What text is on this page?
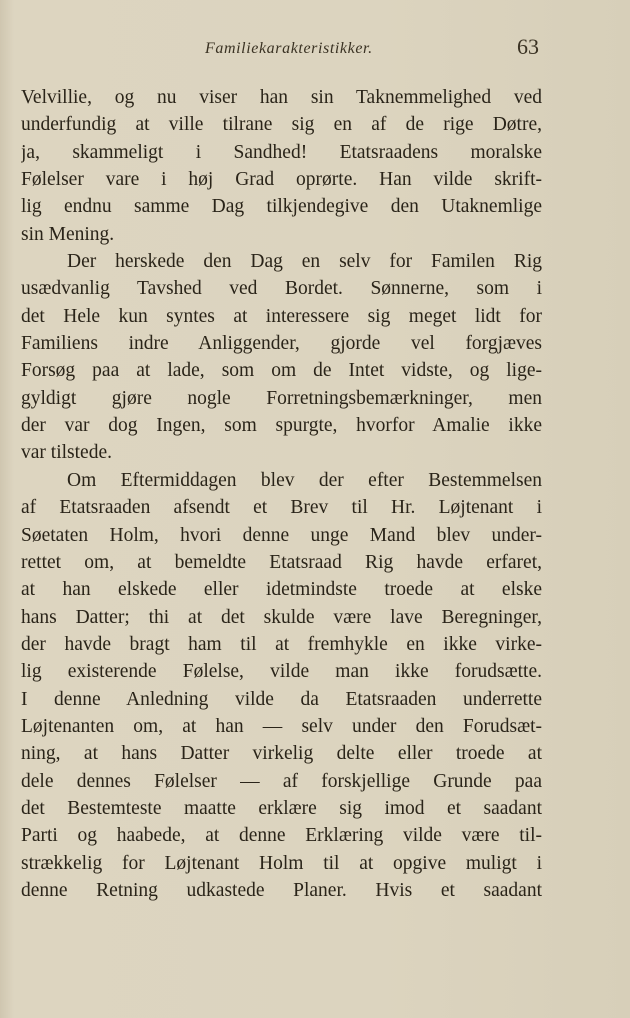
Familiekarakteristikker.	63
Velvillie, og nu viser han sin Taknemmelighed ved
underfundig at ville tilrane sig en af de rige Døtre,
ja, skammeligt i Sandhed! Etatsraadens moralske
Følelser vare i høj Grad oprørte. Han vilde skrift-
lig endnu samme Dag tilkjendegive den Utaknemlige
sin Mening.
Der herskede den Dag en selv for Familen Rig
usædvanlig Tavshed ved Bordet. Sønnerne, som i
det Hele kun syntes at interessere sig meget lidt for
Familiens indre Anliggender, gjorde vel forgjæves
Forsøg paa at lade, som om de Intet vidste, og lige-
gyldigt gjøre nogle Forretningsbemærkninger, men
der var dog Ingen, som spurgte, hvorfor Amalie ikke
var tilstede.
Om Eftermiddagen blev der efter Bestemmelsen
af Etatsraaden afsendt et Brev til Hr. Løjtenant i
Søetaten Holm, hvori denne unge Mand blev under-
rettet om, at bemeldte Etatsraad Rig havde erfaret,
at han elskede eller idetmindste troede at elske
hans Datter; thi at det skulde være lave Beregninger,
der havde bragt ham til at fremhykle en ikke virke-
lig existerende Følelse, vilde man ikke forudsætte.
I denne Anledning vilde da Etatsraaden underrette
Løjtenanten om, at han — selv under den Forudsæt-
ning, at hans Datter virkelig delte eller troede at
dele dennes Følelser — af forskjellige Grunde paa
det Bestemteste maatte erklære sig imod et saadant
Parti og haabede, at denne Erklæring vilde være til-
strækkelig for Løjtenant Holm til at opgive muligt i
denne Retning udkastede Planer. Hvis et saadant
